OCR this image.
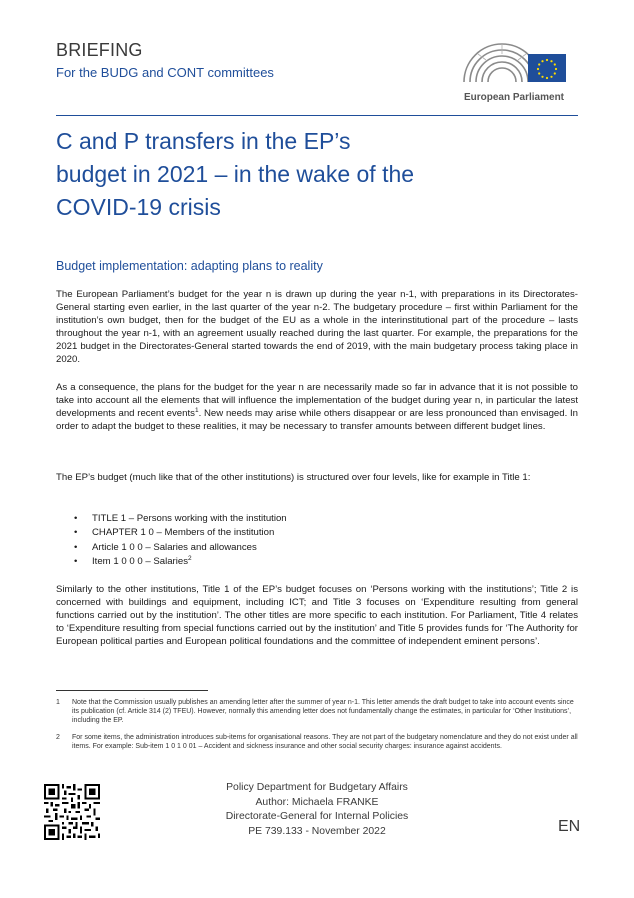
BRIEFING
For the BUDG and CONT committees
European Parliament
C and P transfers in the EP’s
budget in 2021 – in the wake of the
COVID-19 crisis
Budget implementation: adapting plans to reality

The European Parliament’s budget for the year n is drawn up during the year n-1, with preparations in its Directorates-General starting even earlier, in the last quarter of the year n-2. The budgetary procedure – first within Parliament for the institution’s own budget, then for the budget of the EU as a whole in the interinstitutional part of the procedure – lasts throughout the year n-1, with an agreement usually reached during the last quarter. For example, the preparations for the 2021 budget in the Directorates-General started towards the end of 2019, with the main budgetary process taking place in 2020.

As a consequence, the plans for the budget for the year n are necessarily made so far in advance that it is not possible to take into account all the elements that will influence the implementation of the budget during year n, in particular the latest developments and recent events$^1$. New needs may arise while others disappear or are less pronounced than envisaged. In order to adapt the budget to these realities, it may be necessary to transfer amounts between different budget lines.

The EP’s budget (much like that of the other institutions) is structured over four levels, like for example in Title 1:

• TITLE 1 – Persons working with the institution
• CHAPTER 1 0 – Members of the institution
• Article 1 0 0 – Salaries and allowances
• Item 1 0 0 0 – Salaries$^2$

Similarly to the other institutions, Title 1 of the EP’s budget focuses on ‘Persons working with the institutions’; Title 2 is concerned with buildings and equipment, including ICT; and Title 3 focuses on ‘Expenditure resulting from general functions carried out by the institution’. The other titles are more specific to each institution. For Parliament, Title 4 relates to ‘Expenditure resulting from special functions carried out by the institution’ and Title 5 provides funds for ‘The Authority for European political parties and European political foundations and the committee of independent eminent persons’.

1	Note that the Commission usually publishes an amending letter after the summer of year n-1. This letter amends the draft budget to take into account events since its publication (cf. Article 314 (2) TFEU). However, normally this amending letter does not fundamentally change the estimates, in particular for ‘Other Institutions’, including the EP.
2	For some items, the administration introduces sub-items for organisational reasons. They are not part of the budgetary nomenclature and they do not exist under all items. For example: Sub-item 1 0 1 0 01 – Accident and sickness insurance and other social security charges: insurance against accidents.
Policy Department for Budgetary Affairs
Author: Michaela FRANKE
Directorate-General for Internal Policies
PE 739.133 - November 2022	EN
